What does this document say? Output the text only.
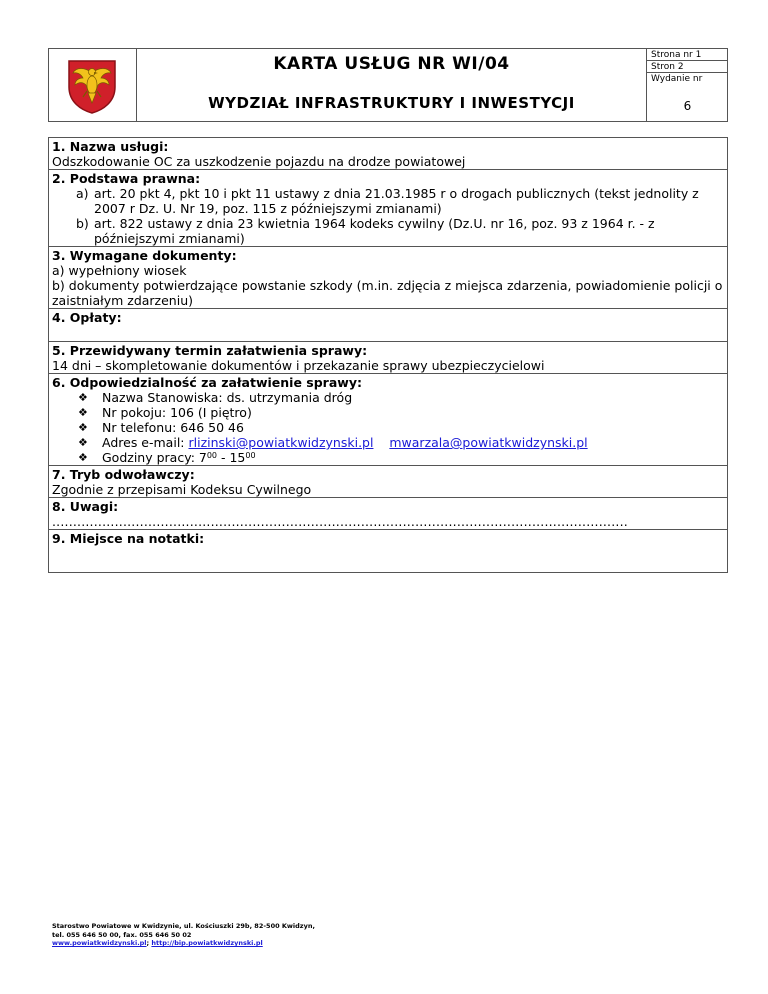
KARTA USŁUG NR WI/04
WYDZIAŁ INFRASTRUKTURY I INWESTYCJI
Strona nr 1
Stron 2
Wydanie nr
6
1. Nazwa usługi:
Odszkodowanie OC za uszkodzenie pojazdu na drodze powiatowej
2. Podstawa prawna:
a) art. 20 pkt 4, pkt 10 i pkt 11 ustawy z dnia 21.03.1985 r o drogach publicznych (tekst jednolity z 2007 r Dz. U. Nr 19, poz. 115 z późniejszymi zmianami)
b) art. 822 ustawy z dnia 23 kwietnia 1964 kodeks cywilny (Dz.U. nr 16, poz. 93 z 1964 r. - z późniejszymi zmianami)
3. Wymagane dokumenty:
a) wypełniony wiosek
b) dokumenty potwierdzające powstanie szkody (m.in. zdjęcia z miejsca zdarzenia, powiadomienie policji o zaistniałym zdarzeniu)
4. Opłaty:
5. Przewidywany termin załatwienia sprawy:
14 dni – skompletowanie dokumentów i przekazanie sprawy ubezpieczycielowi
6. Odpowiedzialność za załatwienie sprawy:
❖ Nazwa Stanowiska: ds. utrzymania dróg
❖ Nr pokoju: 106 (I piętro)
❖ Nr telefonu: 646 50 46
❖ Adres e-mail: rlizinski@powiatkwidzynski.pl mwarzala@powiatkwidzynski.pl
❖ Godziny pracy: $7^{00} - 15^{00}$
7. Tryb odwoławczy:
Zgodnie z przepisami Kodeksu Cywilnego
8. Uwagi:
..........................................................................................................................................
9. Miejsce na notatki:
Starostwo Powiatowe w Kwidzynie, ul. Kościuszki 29b, 82-500 Kwidzyn,
tel. 055 646 50 00, fax. 055 646 50 02
www.powiatkwidzynski.pl; http://bip.powiatkwidzynski.pl
